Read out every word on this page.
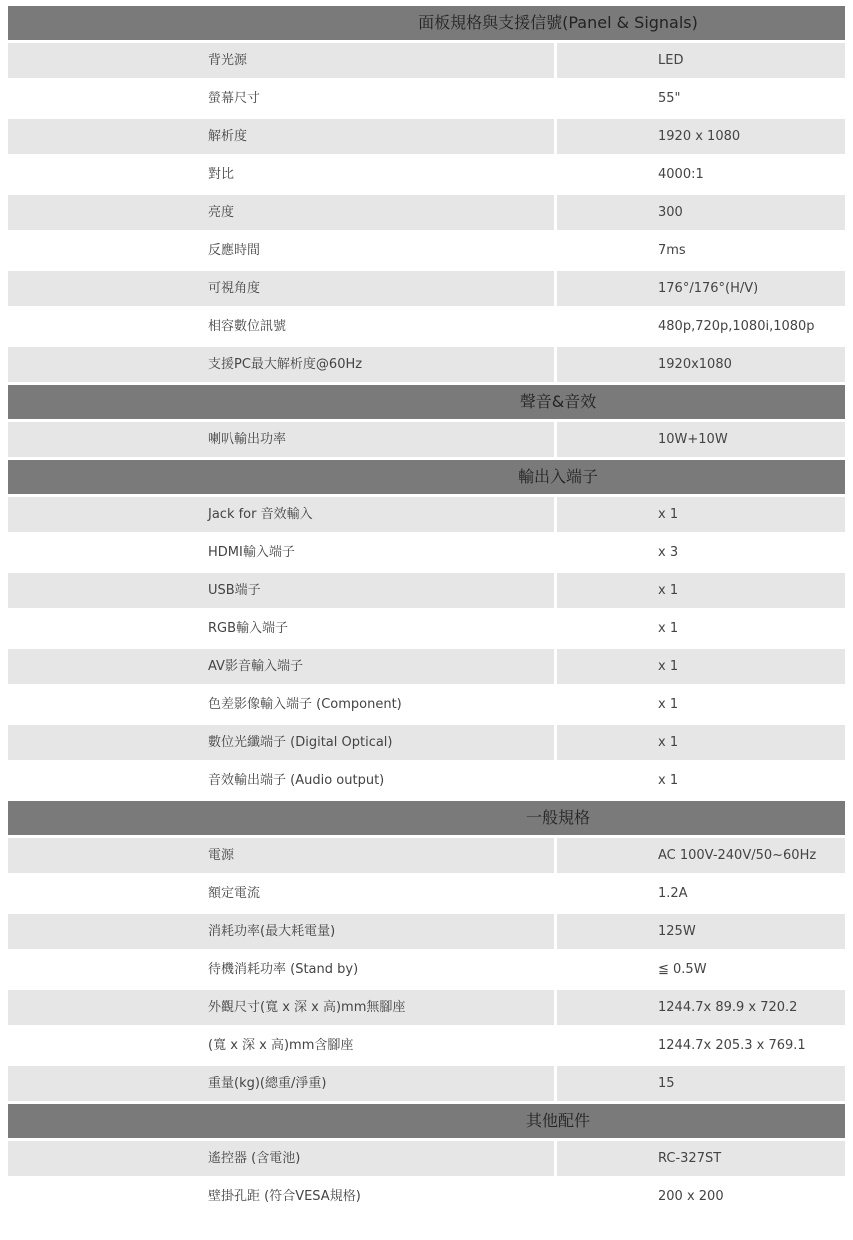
面板規格與支援信號(Panel & Signals)
背光源	LED
螢幕尺寸	55"
解析度	1920 x 1080
對比	4000:1
亮度	300
反應時間	7ms
可視角度	176°/176°(H/V)
相容數位訊號	480p,720p,1080i,1080p
支援PC最大解析度@60Hz	1920x1080
聲音&音效
喇叭輸出功率	10W+10W
輸出入端子
Jack for 音效輸入	x 1
HDMI輸入端子	x 3
USB端子	x 1
RGB輸入端子	x 1
AV影音輸入端子	x 1
色差影像輸入端子 (Component)	x 1
數位光纖端子 (Digital Optical)	x 1
音效輸出端子 (Audio output)	x 1
一般規格
電源	AC 100V-240V/50~60Hz
額定電流	1.2A
消耗功率(最大耗電量)	125W
待機消耗功率 (Stand by)	≦ 0.5W
外觀尺寸(寬 x 深 x 高)mm無腳座	1244.7x 89.9 x 720.2
(寬 x 深 x 高)mm含腳座	1244.7x 205.3 x 769.1
重量(kg)(總重/淨重)	15
其他配件
遙控器 (含電池)	RC-327ST
壁掛孔距 (符合VESA規格)	200 x 200
